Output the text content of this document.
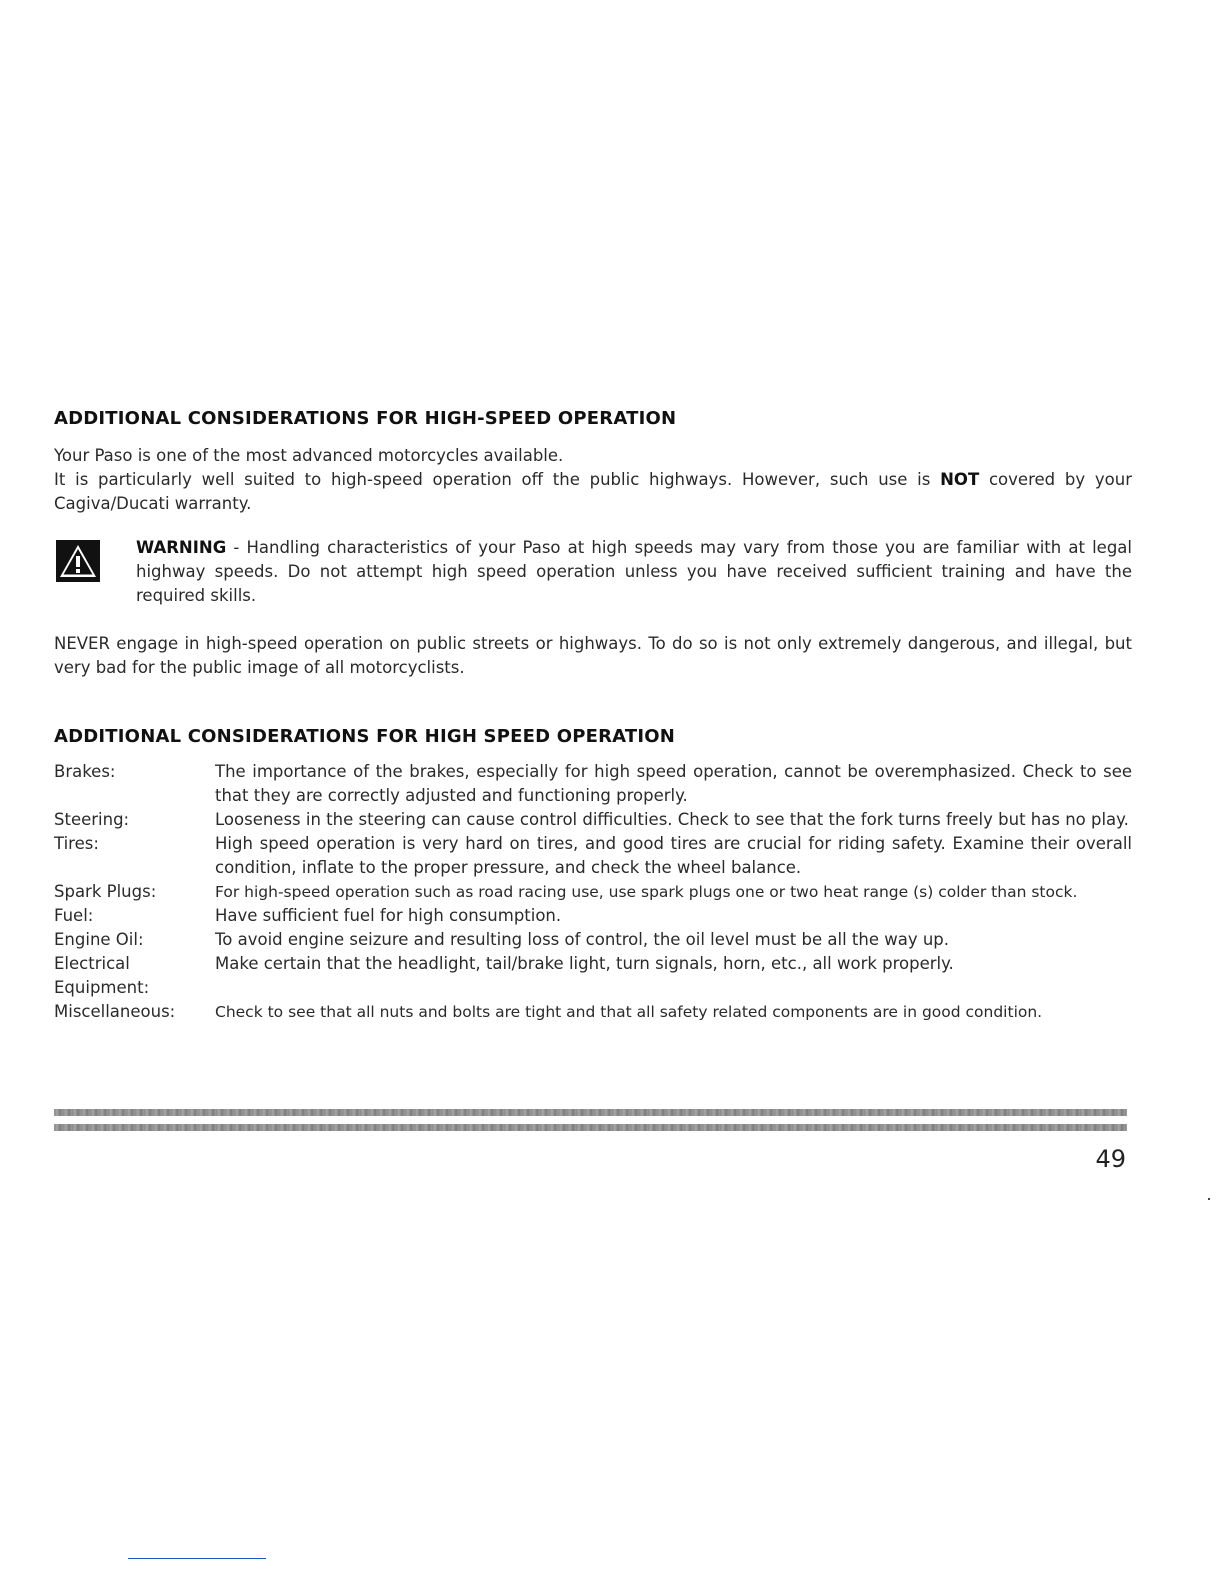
ADDITIONAL CONSIDERATIONS FOR HIGH-SPEED OPERATION
Your Paso is one of the most advanced motorcycles available.
It is particularly well suited to high-speed operation off the public highways. However, such use is NOT covered by your Cagiva/Ducati warranty.
WARNING - Handling characteristics of your Paso at high speeds may vary from those you are familiar with at legal highway speeds. Do not attempt high speed operation unless you have received sufficient training and have the required skills.
NEVER engage in high-speed operation on public streets or highways. To do so is not only extremely dangerous, and illegal, but very bad for the public image of all motorcyclists.
ADDITIONAL CONSIDERATIONS FOR HIGH SPEED OPERATION
Brakes:	The importance of the brakes, especially for high speed operation, cannot be overemphasized. Check to see that they are correctly adjusted and functioning properly.
Steering:	Looseness in the steering can cause control difficulties. Check to see that the fork turns freely but has no play.
Tires:	High speed operation is very hard on tires, and good tires are crucial for riding safety. Examine their overall condition, inflate to the proper pressure, and check the wheel balance.
Spark Plugs:	For high-speed operation such as road racing use, use spark plugs one or two heat range (s) colder than stock.
Fuel:	Have sufficient fuel for high consumption.
Engine Oil:	To avoid engine seizure and resulting loss of control, the oil level must be all the way up.
Electrical Equipment:	Make certain that the headlight, tail/brake light, turn signals, horn, etc., all work properly.
Miscellaneous:	Check to see that all nuts and bolts are tight and that all safety related components are in good condition.
49
